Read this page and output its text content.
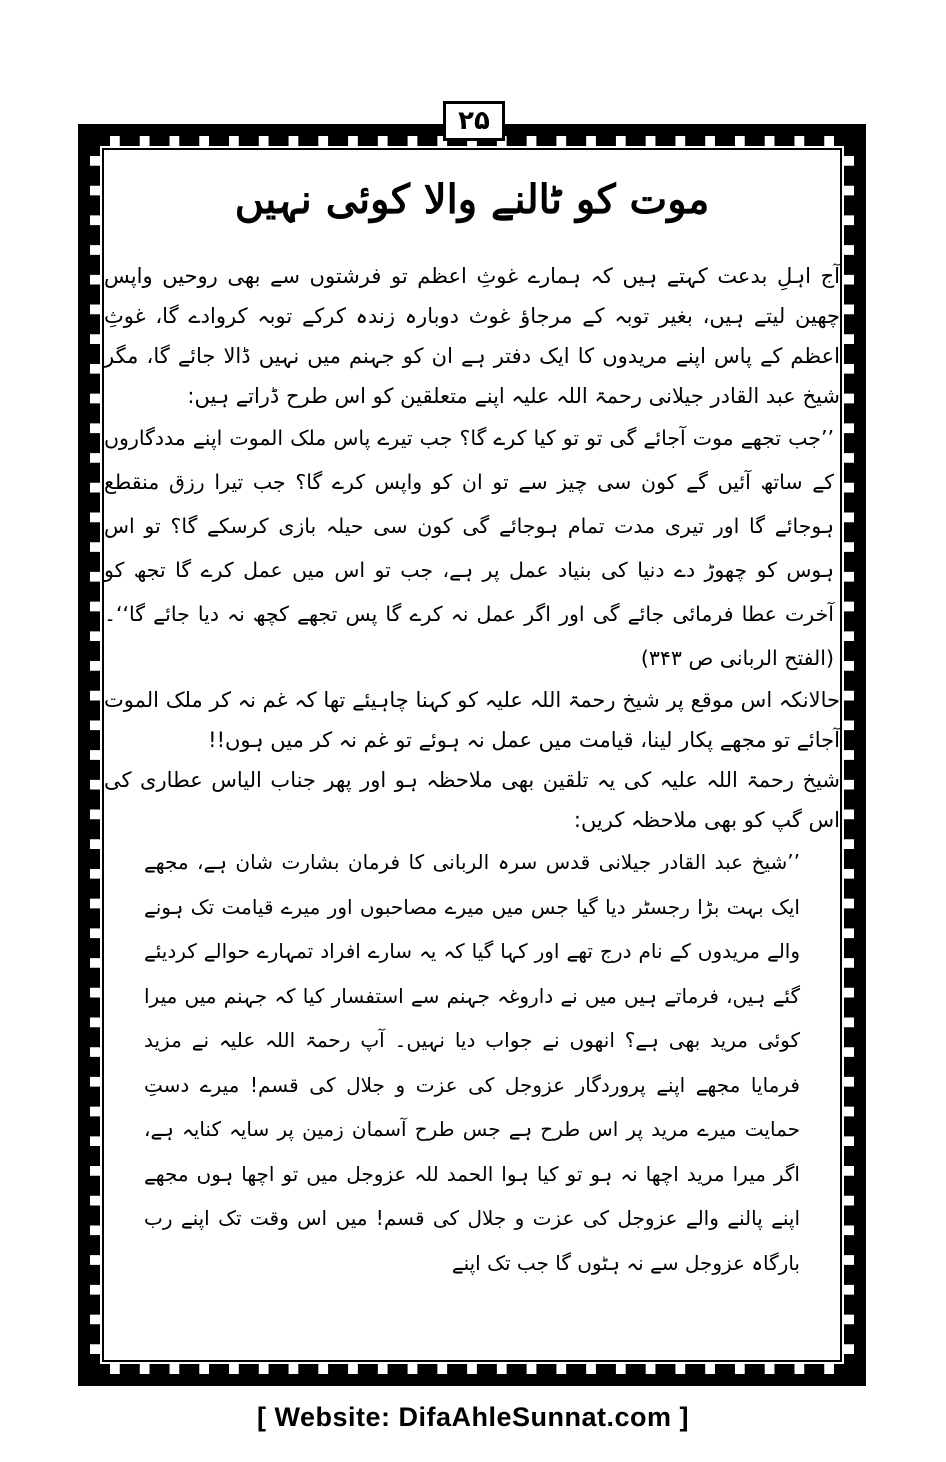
۲۵
موت کو ٹالنے والا کوئی نہیں

آج اہلِ بدعت کہتے ہیں کہ ہمارے غوثِ اعظم تو فرشتوں سے بھی روحیں واپس چھین لیتے ہیں، بغیر توبہ کے مرجاؤ غوث دوبارہ زندہ کرکے توبہ کروادے گا، غوثِ اعظم کے پاس اپنے مریدوں کا ایک دفتر ہے ان کو جہنم میں نہیں ڈالا جائے گا، مگر شیخ عبد القادر جیلانی رحمۃ اللہ علیہ اپنے متعلقین کو اس طرح ڈراتے ہیں:

’’جب تجھے موت آجائے گی تو تو کیا کرے گا؟ جب تیرے پاس ملک الموت اپنے مددگاروں کے ساتھ آئیں گے کون سی چیز سے تو ان کو واپس کرے گا؟ جب تیرا رزق منقطع ہوجائے گا اور تیری مدت تمام ہوجائے گی کون سی حیلہ بازی کرسکے گا؟ تو اس ہوس کو چھوڑ دے دنیا کی بنیاد عمل پر ہے، جب تو اس میں عمل کرے گا تجھ کو آخرت عطا فرمائی جائے گی اور اگر عمل نہ کرے گا پس تجھے کچھ نہ دیا جائے گا‘‘۔ (الفتح الربانی ص ۳۴۳)

حالانکہ اس موقع پر شیخ رحمۃ اللہ علیہ کو کہنا چاہیئے تھا کہ غم نہ کر ملک الموت آجائے تو مجھے پکار لینا، قیامت میں عمل نہ ہوئے تو غم نہ کر میں ہوں!!

شیخ رحمۃ اللہ علیہ کی یہ تلقین بھی ملاحظہ ہو اور پھر جناب الیاس عطاری کی اس گپ کو بھی ملاحظہ کریں:

’’شیخ عبد القادر جیلانی قدس سرہ الربانی کا فرمان بشارت شان ہے، مجھے ایک بہت بڑا رجسٹر دیا گیا جس میں میرے مصاحبوں اور میرے قیامت تک ہونے والے مریدوں کے نام درج تھے اور کہا گیا کہ یہ سارے افراد تمہارے حوالے کردیئے گئے ہیں، فرماتے ہیں میں نے داروغہ جہنم سے استفسار کیا کہ جہنم میں میرا کوئی مرید بھی ہے؟ انھوں نے جواب دیا نہیں۔ آپ رحمۃ اللہ علیہ نے مزید فرمایا مجھے اپنے پروردگار عزوجل کی عزت و جلال کی قسم! میرے دستِ حمایت میرے مرید پر اس طرح ہے جس طرح آسمان زمین پر سایہ کنایہ ہے، اگر میرا مرید اچھا نہ ہو تو کیا ہوا الحمد للہ عزوجل میں تو اچھا ہوں مجھے اپنے پالنے والے عزوجل کی عزت و جلال کی قسم! میں اس وقت تک اپنے رب بارگاہ عزوجل سے نہ ہٹوں گا جب تک اپنے

[ Website: DifaAhleSunnat.com ]
